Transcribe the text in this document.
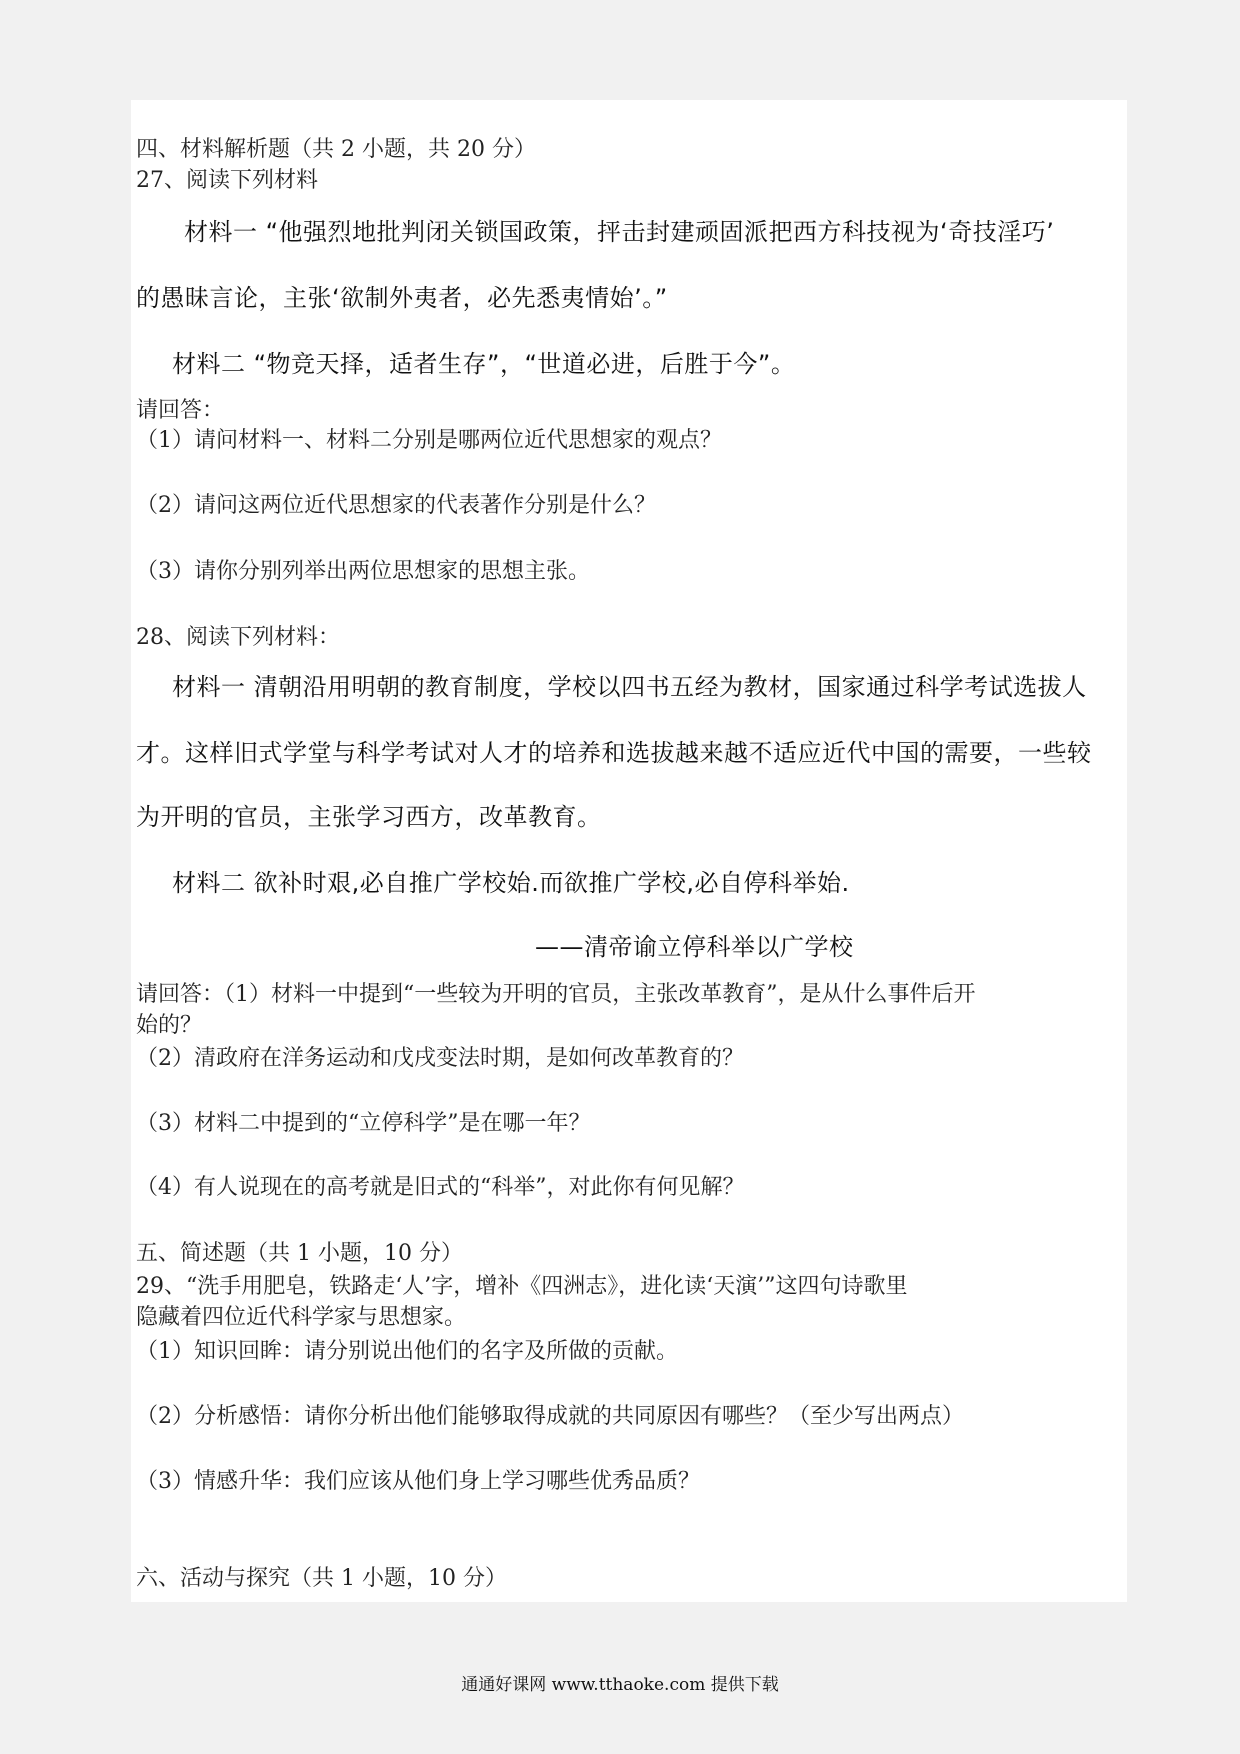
四、材料解析题（共 2 小题，共 20 分）
27、阅读下列材料
材料一 “他强烈地批判闭关锁国政策，抨击封建顽固派把西方科技视为‘奇技淫巧’
的愚昧言论，主张‘欲制外夷者，必先悉夷情始’。”
材料二 “物竞天择，适者生存”，“世道必进，后胜于今”。
请回答：
（1）请问材料一、材料二分别是哪两位近代思想家的观点？
（2）请问这两位近代思想家的代表著作分别是什么？
（3）请你分别列举出两位思想家的思想主张。
28、阅读下列材料：
材料一 清朝沿用明朝的教育制度，学校以四书五经为教材，国家通过科学考试选拔人
才。这样旧式学堂与科学考试对人才的培养和选拔越来越不适应近代中国的需要，一些较
为开明的官员，主张学习西方，改革教育。
材料二 欲补时艰,必自推广学校始.而欲推广学校,必自停科举始.
——清帝谕立停科举以广学校
请回答：（1）材料一中提到“一些较为开明的官员，主张改革教育”，是从什么事件后开
始的？
（2）清政府在洋务运动和戊戌变法时期，是如何改革教育的？
（3）材料二中提到的“立停科学”是在哪一年？
（4）有人说现在的高考就是旧式的“科举”，对此你有何见解？
五、简述题（共 1 小题，10 分）
29、“洗手用肥皂，铁路走‘人’字，增补《四洲志》，进化读‘天演’”这四句诗歌里
隐藏着四位近代科学家与思想家。
（1）知识回眸：请分别说出他们的名字及所做的贡献。
（2）分析感悟：请你分析出他们能够取得成就的共同原因有哪些？（至少写出两点）
（3）情感升华：我们应该从他们身上学习哪些优秀品质？
六、活动与探究（共 1 小题，10 分）
通通好课网 www.tthaoke.com 提供下载
